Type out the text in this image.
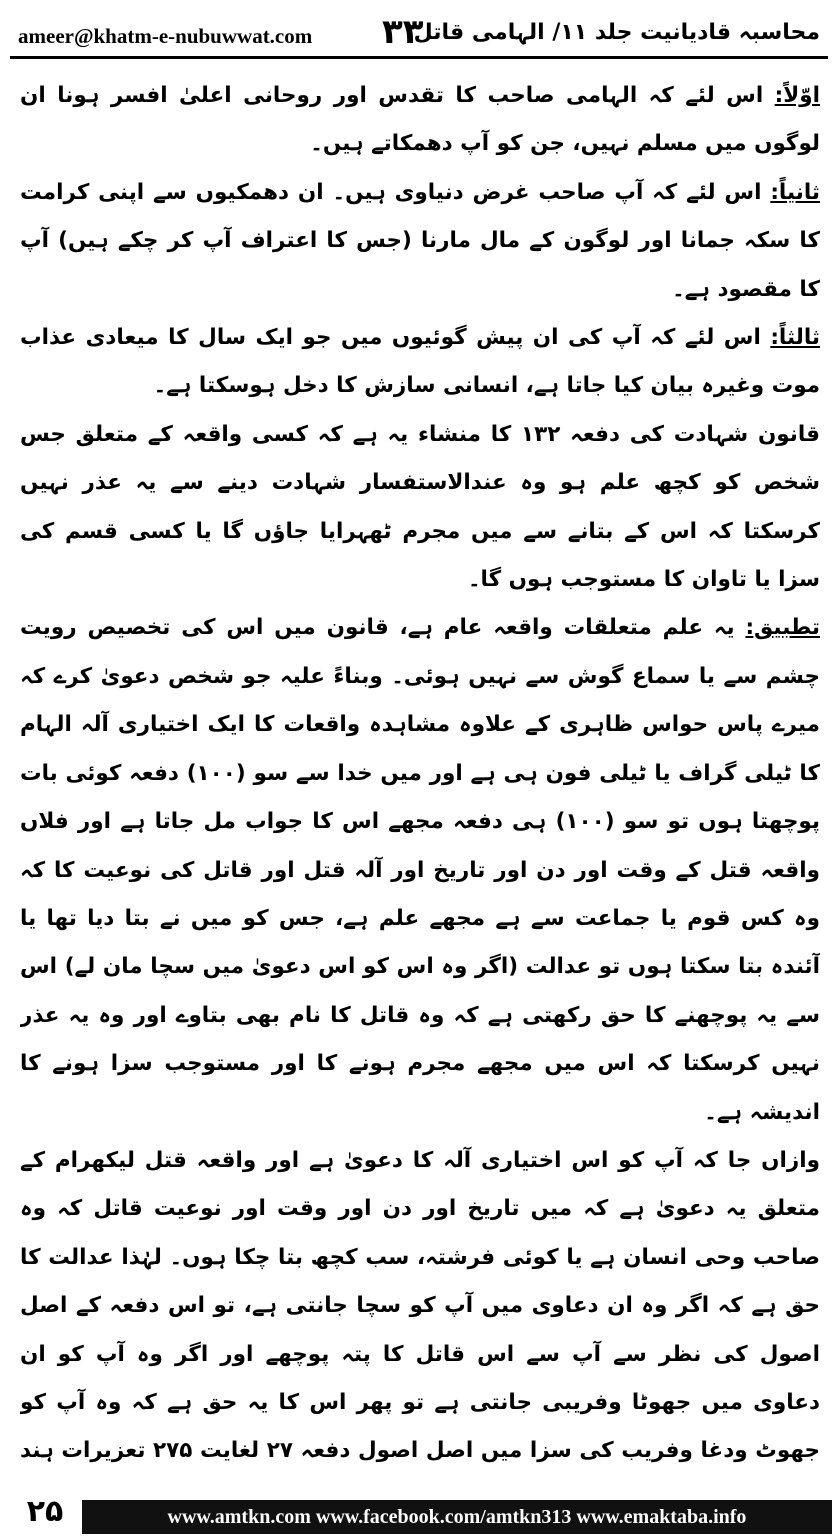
ameer@khatm-e-nubuwwat.com ۳۳
محاسبہ قادیانیت جلد ۱۱/ الہامی قاتل

اوّلاً: اس لئے کہ الہامی صاحب کا تقدس اور روحانی اعلیٰ افسر ہونا ان لوگوں میں مسلم نہیں، جن کو آپ دھمکاتے ہیں۔

ثانیاً: اس لئے کہ آپ صاحب غرض دنیاوی ہیں۔ ان دھمکیوں سے اپنی کرامت کا سکہ جمانا اور لوگون کے مال مارنا (جس کا اعتراف آپ کر چکے ہیں) آپ کا مقصود ہے۔

ثالثاً: اس لئے کہ آپ کی ان پیش گوئیوں میں جو ایک سال کا میعادی عذاب موت وغیرہ بیان کیا جاتا ہے، انسانی سازش کا دخل ہوسکتا ہے۔

قانون شہادت کی دفعہ ۱۳۲ کا منشاء یہ ہے کہ کسی واقعہ کے متعلق جس شخص کو کچھ علم ہو وہ عندالاستفسار شہادت دینے سے یہ عذر نہیں کرسکتا کہ اس کے بتانے سے میں مجرم ٹھہرایا جاؤں گا یا کسی قسم کی سزا یا تاوان کا مستوجب ہوں گا۔

تطبیق: یہ علم متعلقات واقعہ عام ہے، قانون میں اس کی تخصیص رویت چشم سے یا سماع گوش سے نہیں ہوئی۔ وبناءً علیہ جو شخص دعویٰ کرے کہ میرے پاس حواس ظاہری کے علاوہ مشاہدہ واقعات کا ایک اختیاری آلہ الہام کا ٹیلی گراف یا ٹیلی فون ہی ہے اور میں خدا سے سو (۱۰۰) دفعہ کوئی بات پوچھتا ہوں تو سو (۱۰۰) ہی دفعہ مجھے اس کا جواب مل جاتا ہے اور فلاں واقعہ قتل کے وقت اور دن اور تاریخ اور آلہ قتل اور قاتل کی نوعیت کا کہ وہ کس قوم یا جماعت سے ہے مجھے علم ہے، جس کو میں نے بتا دیا تھا یا آئندہ بتا سکتا ہوں تو عدالت (اگر وہ اس کو اس دعویٰ میں سچا مان لے) اس سے یہ پوچھنے کا حق رکھتی ہے کہ وہ قاتل کا نام بھی بتاوے اور وہ یہ عذر نہیں کرسکتا کہ اس میں مجھے مجرم ہونے کا اور مستوجب سزا ہونے کا اندیشہ ہے۔

وازاں جا کہ آپ کو اس اختیاری آلہ کا دعویٰ ہے اور واقعہ قتل لیکھرام کے متعلق یہ دعویٰ ہے کہ میں تاریخ اور دن اور وقت اور نوعیت قاتل کہ وہ صاحب وحی انسان ہے یا کوئی فرشتہ، سب کچھ بتا چکا ہوں۔ لہٰذا عدالت کا حق ہے کہ اگر وہ ان دعاوی میں آپ کو سچا جانتی ہے، تو اس دفعہ کے اصل اصول کی نظر سے آپ سے اس قاتل کا پتہ پوچھے اور اگر وہ آپ کو ان دعاوی میں جھوٹا وفریبی جانتی ہے تو پھر اس کا یہ حق ہے کہ وہ آپ کو جھوٹ ودغا وفریب کی سزا میں اصل اصول دفعہ ۲۷ لغایت ۲۷۵ تعزیرات ہند

۲۵	www.amtkn.com www.facebook.com/amtkn313 www.emaktaba.info
